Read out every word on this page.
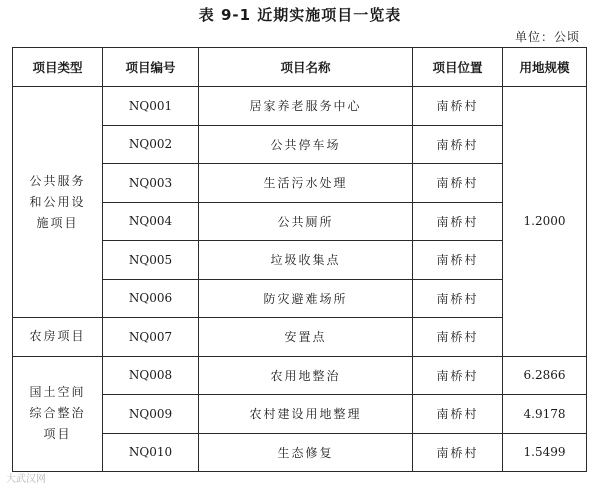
表 9-1 近期实施项目一览表
单位：公顷
项目类型	项目编号	项目名称	项目位置	用地规模
公共服务
和公用设
施项目	NQ001	居家养老服务中心	南桥村	1.2000
	NQ002	公共停车场	南桥村	
	NQ003	生活污水处理	南桥村	
	NQ004	公共厕所	南桥村	
	NQ005	垃圾收集点	南桥村	
	NQ006	防灾避难场所	南桥村	
农房项目	NQ007	安置点	南桥村	
国土空间
综合整治
项目	NQ008	农用地整治	南桥村	6.2866
	NQ009	农村建设用地整理	南桥村	4.9178
	NQ010	生态修复	南桥村	1.5499
大武汉网
